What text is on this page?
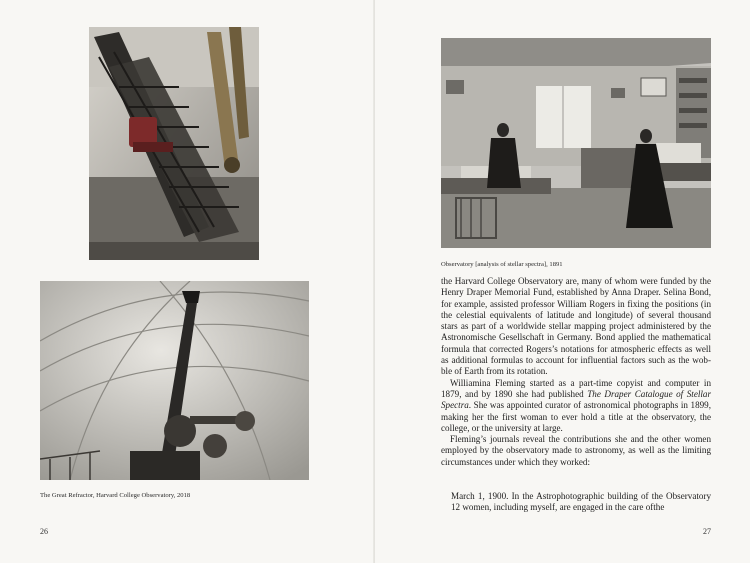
The Great Refractor, Harvard College Observatory, 2018
26
Observatory [analysis of stellar spectra], 1891

the Harvard College Observatory are, many of whom were funded by the Henry Draper Memorial Fund, established by Anna Draper. Selina Bond, for example, assisted professor William Rogers in fixing the positions (in the celestial equivalents of latitude and longitude) of several thousand stars as part of a worldwide stellar mapping project administered by the Astronomische Gesellschaft in Germany. Bond applied the mathematical formula that corrected Rogers’s notations for atmospheric effects as well as additional formulas to account for influential factors such as the wobble of Earth from its rotation.

Williamina Fleming started as a part-time copyist and computer in 1879, and by 1890 she had published The Draper Catalogue of Stellar Spectra. She was appointed curator of astronomical photographs in 1899, making her the first woman to ever hold a title at the observatory, the college, or the university at large.

Fleming’s journals reveal the contributions she and the other women employed by the observatory made to astronomy, as well as the limiting circumstances under which they worked:

March 1, 1900. In the Astrophotographic building of the Observatory 12 women, including myself, are engaged in the care ofthe
27
